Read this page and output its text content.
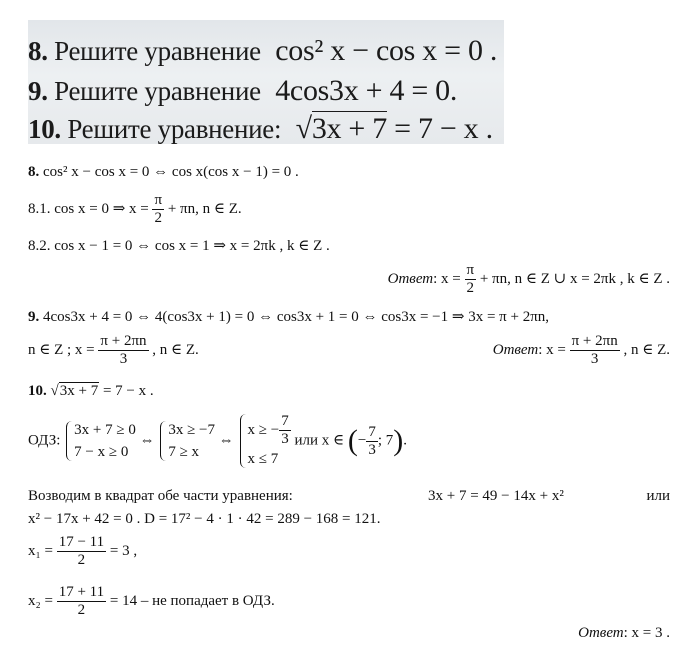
8. Решите уравнение cos² x − cos x = 0 .
9. Решите уравнение 4cos3x + 4 = 0.
10. Решите уравнение: √3x + 7 = 7 − x .
8. cos² x − cos x = 0 ⇔ cos x(cos x − 1) = 0 .
8.1. cos x = 0 ⇒ $x = \frac{\pi}{2} + \pi n$, n ∈ Z.
8.2. cos x − 1 = 0 ⇔ cos x = 1 ⇒ x = 2πk , k ∈ Z .
Ответ: $x = \frac{\pi}{2} + \pi n$, n ∈ Z ∪ x = 2πk , k ∈ Z .
9. 4cos3x + 4 = 0 ⇔ 4(cos3x + 1) = 0 ⇔ cos3x + 1 = 0 ⇔ cos3x = −1 ⇒ 3x = π + 2πn,
n ∈ Z ; $x = \frac{\pi + 2\pi n}{3}$ , n ∈ Z.	Ответ: $x = \frac{\pi + 2\pi n}{3}$ , n ∈ Z.
10. √3x + 7 = 7 − x .
ОДЗ:
3x + 7 ≥ 0
7 − x ≥ 0
⇔
3x ≥ −7
7 ≥ x
⇔
x ≥ − $\frac{7}{3}$
x ≤ 7
или x ∈ (− $\frac{7}{3}$ ; 7).
Возводим в квадрат обе части уравнения:	3x + 7 = 49 − 14x + x²	или
x² − 17x + 42 = 0 . D = 17² − 4 · 1 · 42 = 289 − 168 = 121.
$x_1 = \frac{17 - 11}{2} = 3$ ,
$x_2 = \frac{17 + 11}{2} = 14$ – не попадает в ОДЗ.
Ответ: x = 3 .
